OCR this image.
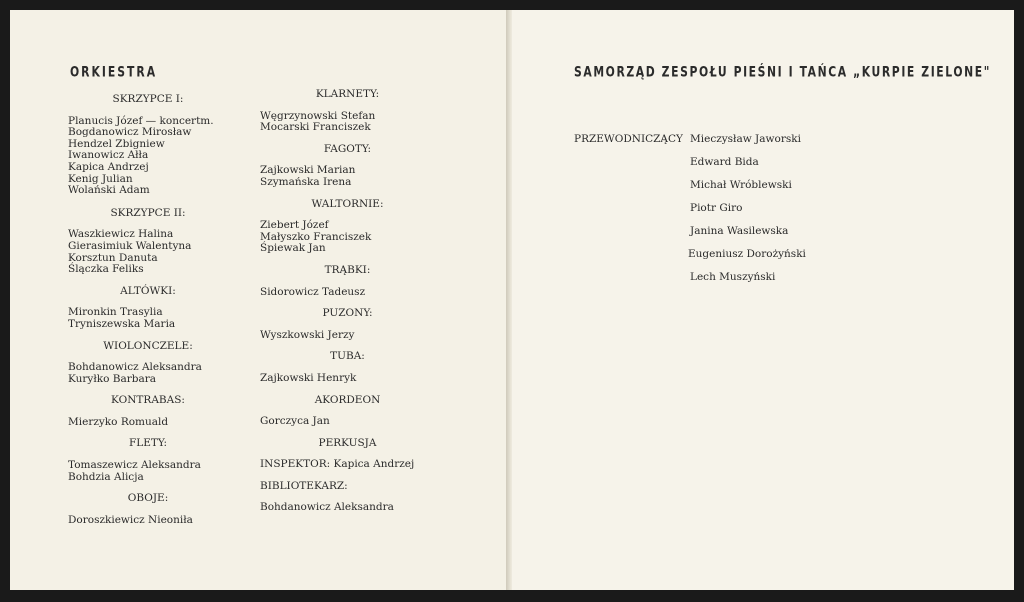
ORKIESTRA
SKRZYPCE I:
Planucis Józef — koncertm.
Bogdanowicz Mirosław
Hendzel Zbigniew
Iwanowicz Ałła
Kapica Andrzej
Kenig Julian
Wolański Adam
SKRZYPCE II:
Waszkiewicz Halina
Gierasimiuk Walentyna
Korsztun Danuta
Ślączka Feliks
ALTÓWKI:
Mironkin Trasylia
Tryniszewska Maria
WIOLONCZELE:
Bohdanowicz Aleksandra
Kuryłko Barbara
KONTRABAS:
Mierzyko Romuald
FLETY:
Tomaszewicz Aleksandra
Bohdzia Alicja
OBOJE:
Doroszkiewicz Nieoniła
KLARNETY:
Węgrzynowski Stefan
Mocarski Franciszek
FAGOTY:
Zajkowski Marian
Szymańska Irena
WALTORNIE:
Ziebert Józef
Małyszko Franciszek
Śpiewak Jan
TRĄBKI:
Sidorowicz Tadeusz
PUZONY:
Wyszkowski Jerzy
TUBA:
Zajkowski Henryk
AKORDEON
Gorczyca Jan
PERKUSJA
INSPEKTOR: Kapica Andrzej
BIBLIOTEKARZ:
Bohdanowicz Aleksandra
SAMORZĄD ZESPOŁU PIEŚNI I TAŃCA „KURPIE ZIELONE"
PRZEWODNICZĄCY Mieczysław Jaworski
Edward Bida
Michał Wróblewski
Piotr Giro
Janina Wasilewska
Eugeniusz Dorożyński
Lech Muszyński
